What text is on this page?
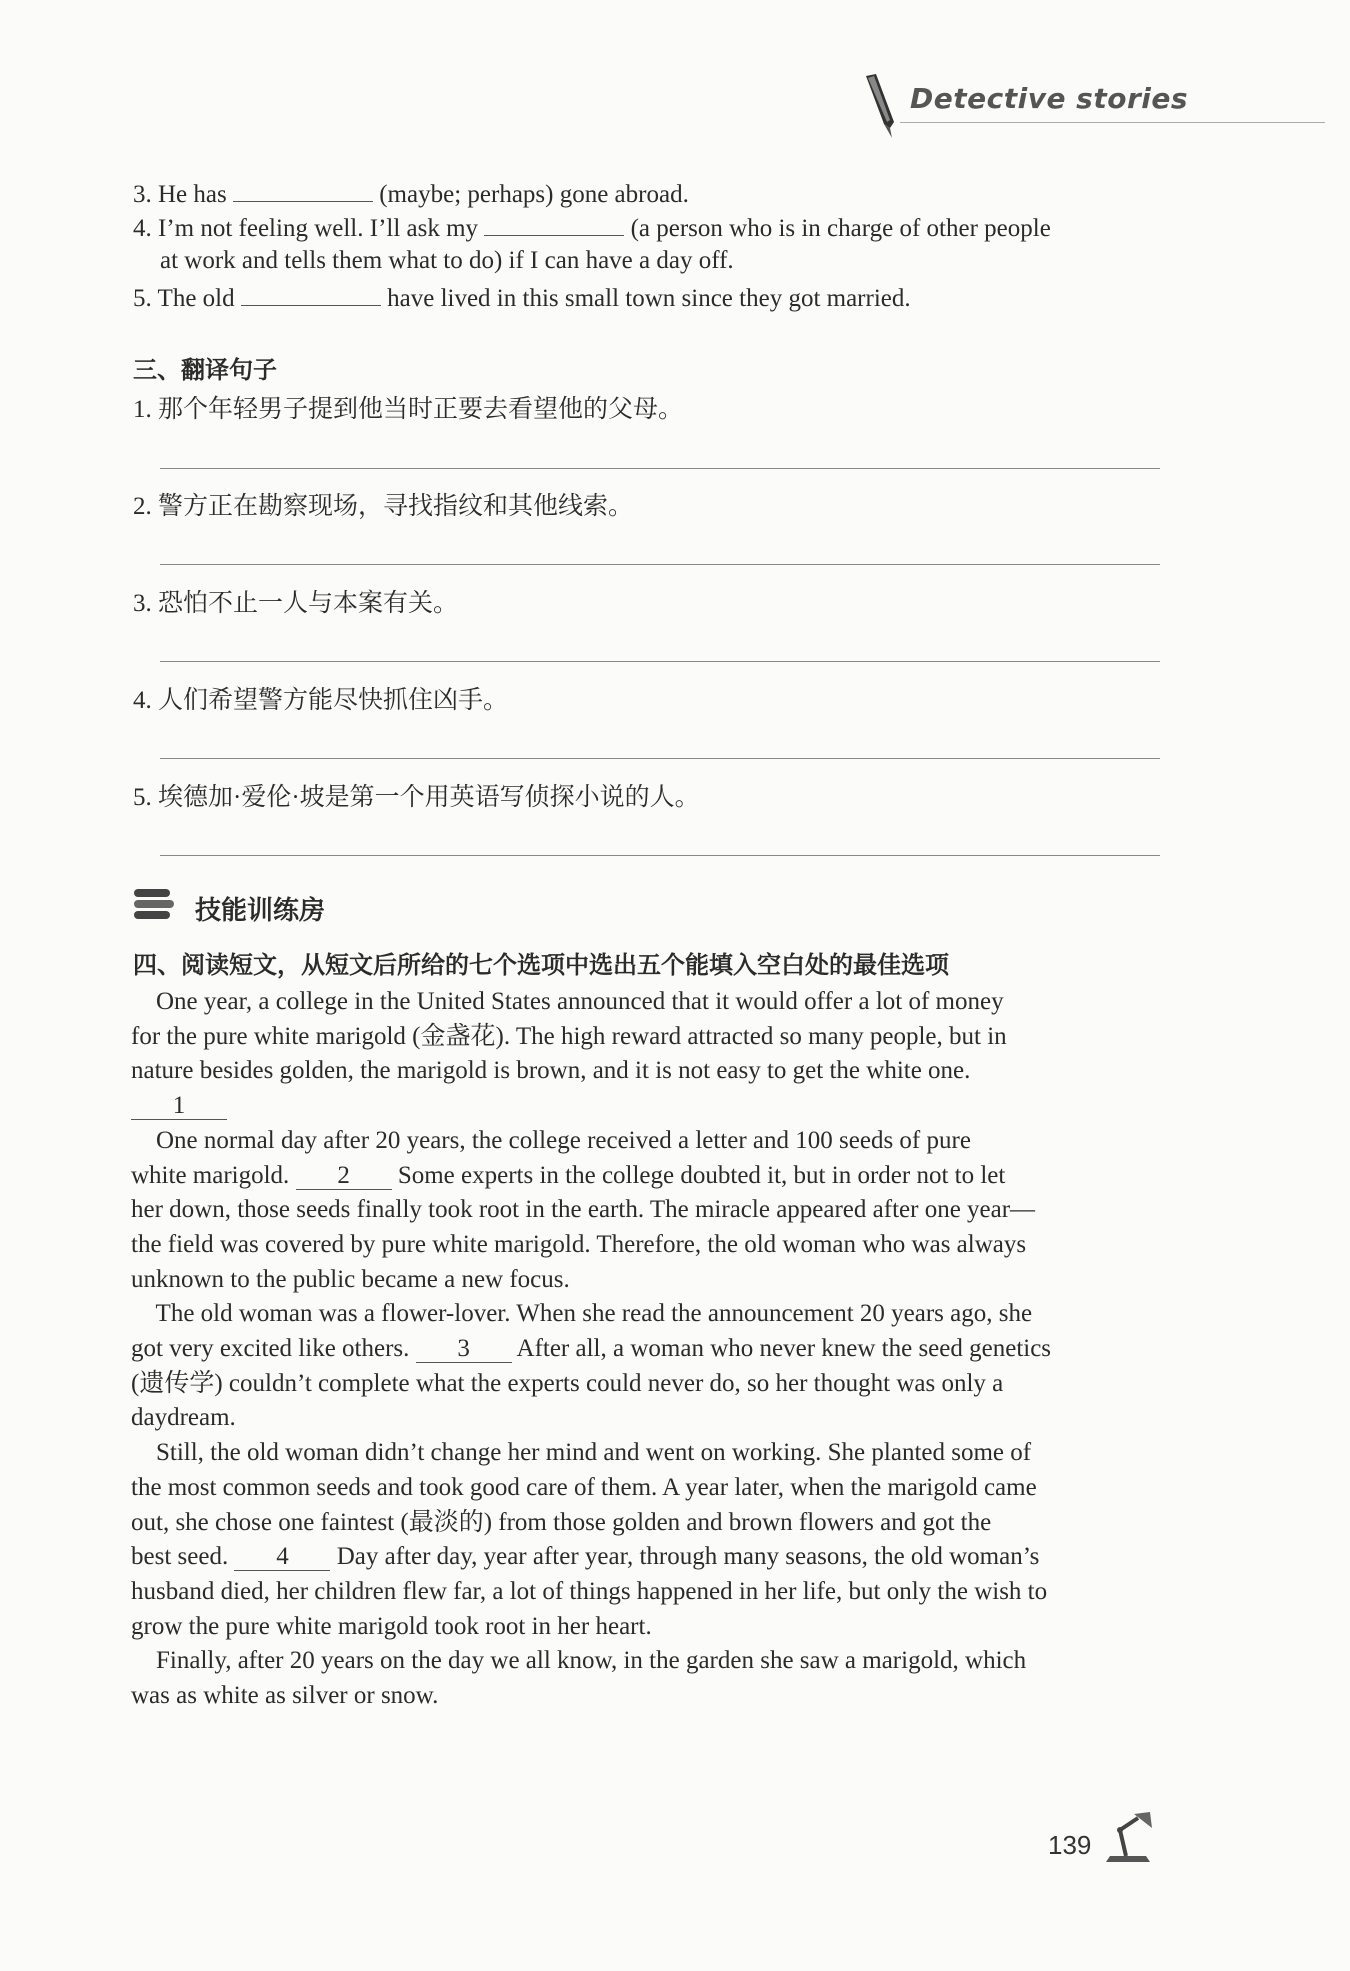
Detective stories
3. He has	(maybe; perhaps) gone abroad.
4. I’m not feeling well. I’ll ask my	(a person who is in charge of other people
at work and tells them what to do) if I can have a day off.
5. The old	have lived in this small town since they got married.
三、翻译句子
1. 那个年轻男子提到他当时正要去看望他的父母。
2. 警方正在勘察现场，寻找指纹和其他线索。
3. 恐怕不止一人与本案有关。
4. 人们希望警方能尽快抓住凶手。
5. 埃德加·爱伦·坡是第一个用英语写侦探小说的人。
技能训练房
四、阅读短文，从短文后所给的七个选项中选出五个能填入空白处的最佳选项

One year, a college in the United States announced that it would offer a lot of money

for the pure white marigold (金盏花). The high reward attracted so many people, but in

nature besides golden, the marigold is brown, and it is not easy to get the white one.

1

One normal day after 20 years, the college received a letter and 100 seeds of pure

white marigold. 2 Some experts in the college doubted it, but in order not to let

her down, those seeds finally took root in the earth. The miracle appeared after one year—

the field was covered by pure white marigold. Therefore, the old woman who was always

unknown to the public became a new focus.

The old woman was a flower-lover. When she read the announcement 20 years ago, she

got very excited like others. 3 After all, a woman who never knew the seed genetics

(遗传学) couldn’t complete what the experts could never do, so her thought was only a

daydream.

Still, the old woman didn’t change her mind and went on working. She planted some of

the most common seeds and took good care of them. A year later, when the marigold came

out, she chose one faintest (最淡的) from those golden and brown flowers and got the

best seed. 4 Day after day, year after year, through many seasons, the old woman’s

husband died, her children flew far, a lot of things happened in her life, but only the wish to

grow the pure white marigold took root in her heart.

Finally, after 20 years on the day we all know, in the garden she saw a marigold, which

was as white as silver or snow.

139
